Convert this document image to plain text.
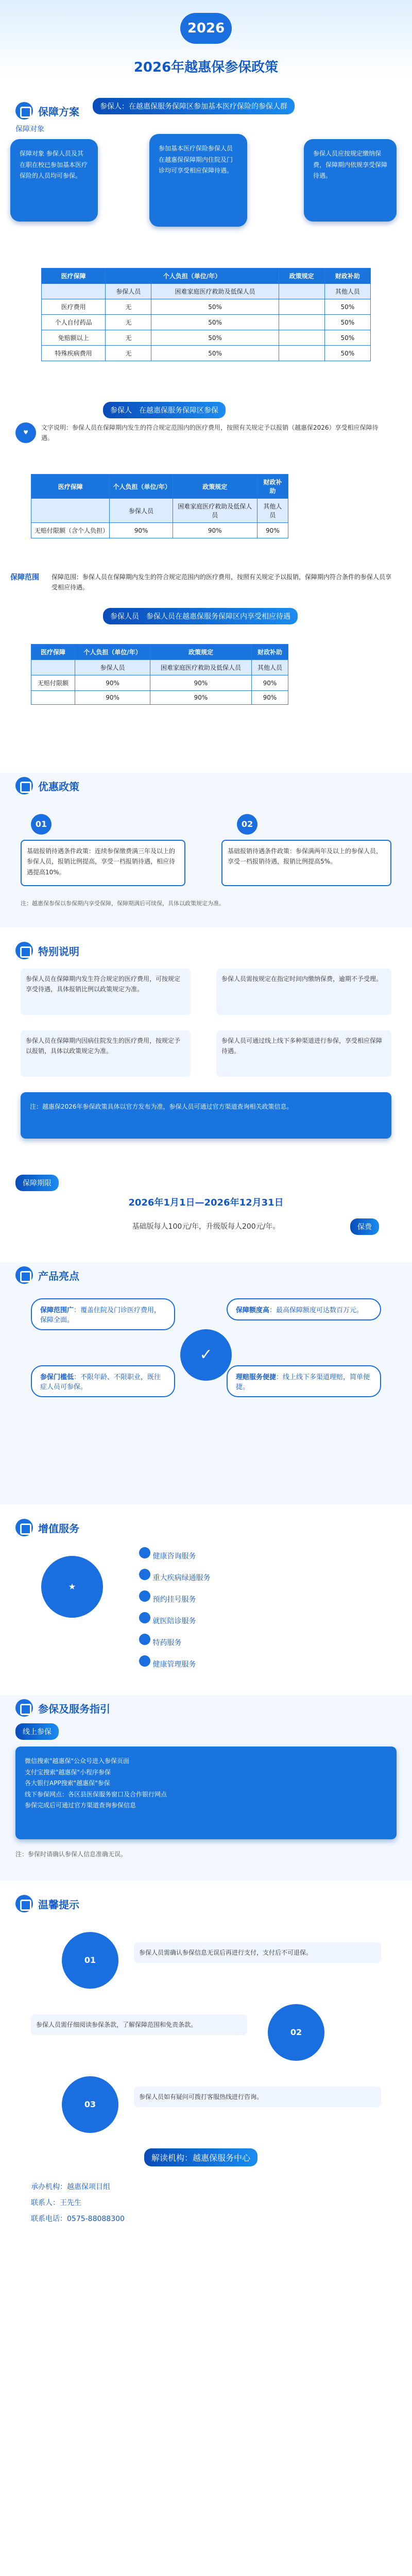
2026
2026年越惠保参保政策
保障方案
保障对象
参保人：在越惠保服务保障区参加基本医疗保险的参保人群
保障对象 参保人员及其在职在校已参加基本医疗保险的人员均可参保。
参加基本医疗保险参保人员在越惠保保障期内住院及门诊均可享受相应保障待遇。
参保人员应按规定缴纳保费，保障期内依规享受保障待遇。
医疗保障	个人负担（单位/年）		政策规定	财政补助
	参保人员	困难家庭医疗救助及低保人员		其他人员
医疗费用	无	50%		50%
个人自付药品	无	50%		50%
免赔额以上	无	50%		50%
特殊疾病费用	无	50%		50%
参保人　 在越惠保服务保障区参保
♥
文字说明：参保人员在保障期内发生的符合规定范围内的医疗费用，按照有关规定予以报销（越惠保2026）享受相应保障待遇。
医疗保障	个人负担（单位/年）	政策规定	财政补助
	参保人员	困难家庭医疗救助及低保人员	其他人员
无赔付限额（含个人负担）	90%	90%	90%
保障范围 保障范围：参保人员在保障期内发生的符合规定范围内的医疗费用，按照有关规定予以报销，保障期内符合条件的参保人员享受相应待遇。
参保人员　 参保人员在越惠保服务保障区内享受相应待遇
医疗保障	个人负担（单位/年）	政策规定	财政补助
	参保人员	困难家庭医疗救助及低保人员	其他人员
无赔付限额	90%	90%	90%
	90%	90%	90%
优惠政策
01
基础报销待遇条件政策：连续参保缴费满三年及以上的参保人员，报销比例提高，享受一档报销待遇，相应待遇提高10%。
02
基础报销待遇条件政策：参保满两年及以上的参保人员，享受一档报销待遇，报销比例提高5%。
注：越惠保参保以参保期内享受保障，保障期满后可续保，具体以政策规定为准。
特别说明
参保人员在保障期内发生符合规定的医疗费用，可按规定享受待遇，具体报销比例以政策规定为准。
参保人员需按规定在指定时间内缴纳保费，逾期不予受理。
参保人员在保障期内因病住院发生的医疗费用，按规定予以报销，具体以政策规定为准。
参保人员可通过线上线下多种渠道进行参保，享受相应保障待遇。
注：越惠保2026年参保政策具体以官方发布为准，参保人员可通过官方渠道查询相关政策信息。
保障期限
2026年1月1日—2026年12月31日
基础版每人100元/年，升级版每人200元/年。	保费
产品亮点
保障范围广：覆盖住院及门诊医疗费用，保障全面。
保障额度高：最高保障额度可达数百万元。
参保门槛低：不限年龄、不限职业，既往症人员可参保。
理赔服务便捷：线上线下多渠道理赔，简单便捷。
✓
增值服务
★
健康咨询服务
重大疾病绿通服务
预约挂号服务
就医陪诊服务
特药服务
健康管理服务
参保及服务指引
线上参保
微信搜索"越惠保"公众号进入参保页面
支付宝搜索"越惠保"小程序参保
各大银行APP搜索"越惠保"参保
线下参保网点：各区县医保服务窗口及合作银行网点
参保完成后可通过官方渠道查询参保信息
注：参保时请确认参保人信息准确无误。
温馨提示
01
参保人员需确认参保信息无误后再进行支付，支付后不可退保。
02
参保人员需仔细阅读参保条款，了解保障范围和免责条款。
03
参保人员如有疑问可拨打客服热线进行咨询。
解读机构：越惠保服务中心
承办机构：越惠保项目组
联系人：王先生
联系电话：0575-88088300
